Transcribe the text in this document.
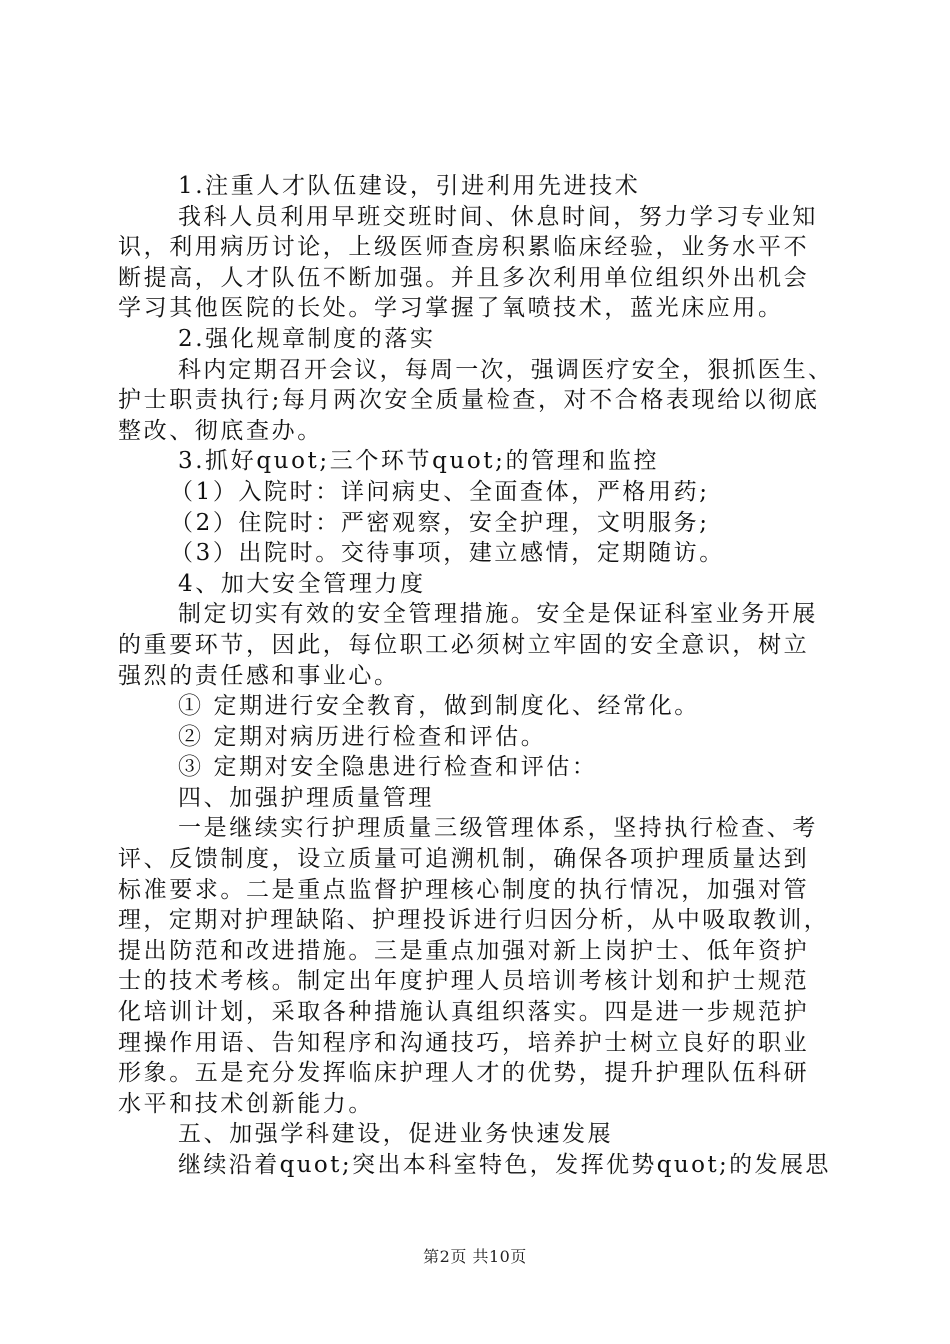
1.注重人才队伍建设，引进利用先进技术
我科人员利用早班交班时间、休息时间，努力学习专业知
识，利用病历讨论，上级医师查房积累临床经验，业务水平不
断提高，人才队伍不断加强。并且多次利用单位组织外出机会
学习其他医院的长处。学习掌握了氧喷技术，蓝光床应用。
2.强化规章制度的落实
科内定期召开会议，每周一次，强调医疗安全，狠抓医生、
护士职责执行;每月两次安全质量检查，对不合格表现给以彻底
整改、彻底查办。
3.抓好quot;三个环节quot;的管理和监控
（1）入院时：详问病史、全面查体，严格用药;
（2）住院时：严密观察，安全护理，文明服务;
（3）出院时。交待事项，建立感情，定期随访。
4、加大安全管理力度
制定切实有效的安全管理措施。安全是保证科室业务开展
的重要环节，因此，每位职工必须树立牢固的安全意识，树立
强烈的责任感和事业心。
① 定期进行安全教育，做到制度化、经常化。
② 定期对病历进行检查和评估。
③ 定期对安全隐患进行检查和评估：
四、加强护理质量管理
一是继续实行护理质量三级管理体系，坚持执行检查、考
评、反馈制度，设立质量可追溯机制，确保各项护理质量达到
标准要求。二是重点监督护理核心制度的执行情况，加强对管
理，定期对护理缺陷、护理投诉进行归因分析，从中吸取教训，
提出防范和改进措施。三是重点加强对新上岗护士、低年资护
士的技术考核。制定出年度护理人员培训考核计划和护士规范
化培训计划，采取各种措施认真组织落实。四是进一步规范护
理操作用语、告知程序和沟通技巧，培养护士树立良好的职业
形象。五是充分发挥临床护理人才的优势，提升护理队伍科研
水平和技术创新能力。
五、加强学科建设，促进业务快速发展
继续沿着quot;突出本科室特色，发挥优势quot;的发展思
第2页 共10页
